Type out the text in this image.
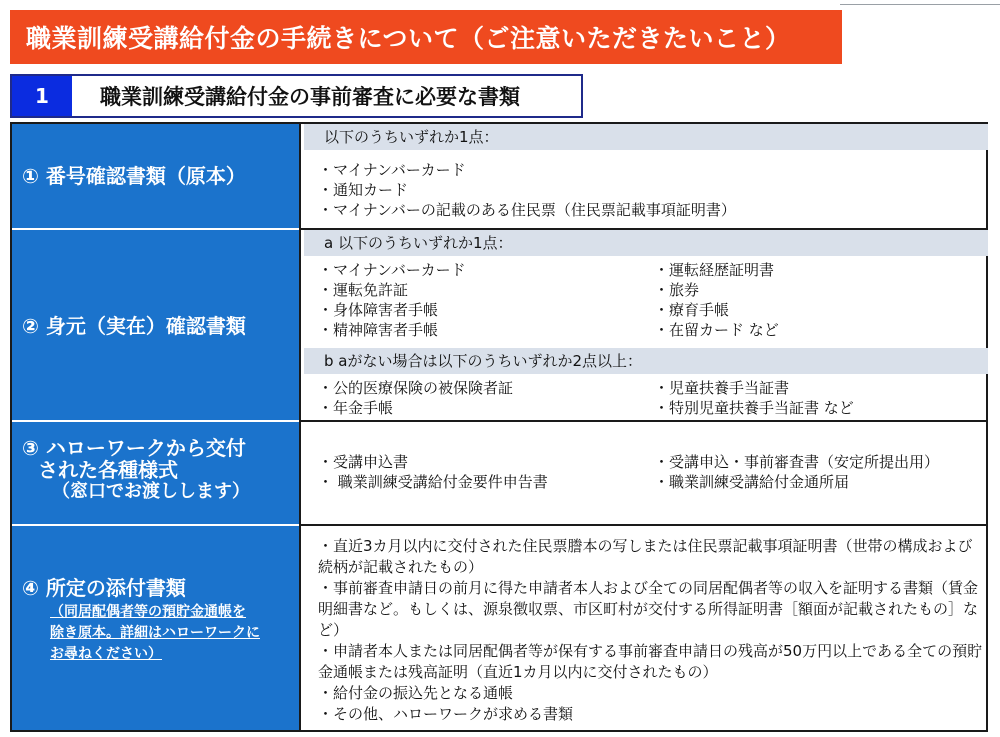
職業訓練受講給付金の手続きについて（ご注意いただきたいこと）
1	職業訓練受講給付金の事前審査に必要な書類
① 番号確認書類（原本）
以下のうちいずれか1点：
・マイナンバーカード
・通知カード
・マイナンバーの記載のある住民票（住民票記載事項証明書）
② 身元（実在）確認書類
a 以下のうちいずれか1点：
・マイナンバーカード
・運転免許証
・身体障害者手帳
・精神障害者手帳
・運転経歴証明書
・旅券
・療育手帳
・在留カード など
b aがない場合は以下のうちいずれか2点以上：
・公的医療保険の被保険者証
・年金手帳
・児童扶養手当証書
・特別児童扶養手当証書 など
③ ハローワークから交付
された各種様式
（窓口でお渡しします）
・受講申込書
・ 職業訓練受講給付金要件申告書
・受講申込・事前審査書（安定所提出用）
・職業訓練受講給付金通所届
④ 所定の添付書類
（同居配偶者等の預貯金通帳を
除き原本。詳細はハローワークに
お尋ねください）
・直近3カ月以内に交付された住民票謄本の写しまたは住民票記載事項証明書（世帯の構成および続柄が記載されたもの）
・事前審査申請日の前月に得た申請者本人および全ての同居配偶者等の収入を証明する書類（賃金明細書など。もしくは、源泉徴収票、市区町村が交付する所得証明書［額面が記載されたもの］など）
・申請者本人または同居配偶者等が保有する事前審査申請日の残高が50万円以上である全ての預貯金通帳または残高証明（直近1カ月以内に交付されたもの）
・給付金の振込先となる通帳
・その他、ハローワークが求める書類
